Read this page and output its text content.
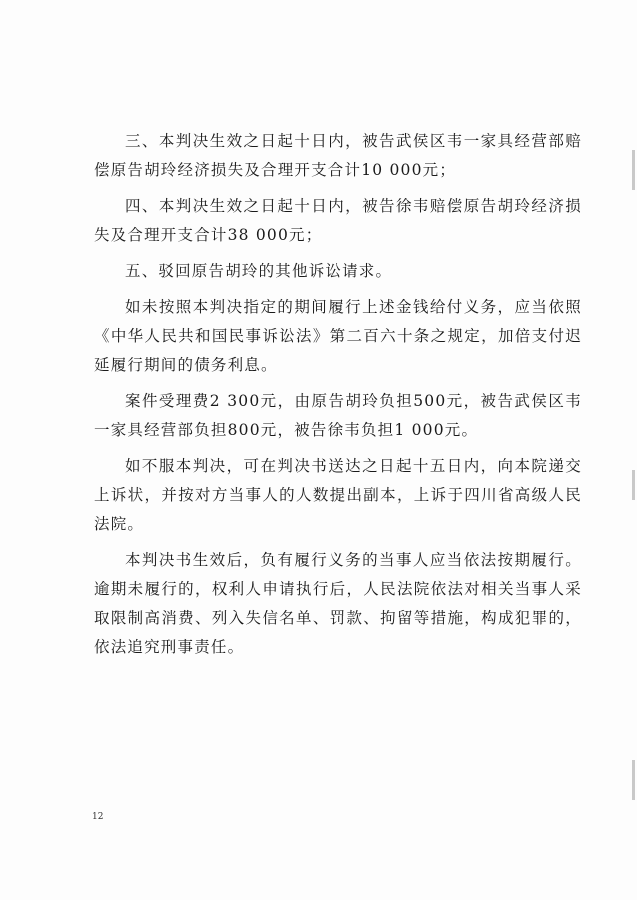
三、本判决生效之日起十日内，被告武侯区韦一家具经营部赔偿原告胡玲经济损失及合理开支合计10 000元；

四、本判决生效之日起十日内，被告徐韦赔偿原告胡玲经济损失及合理开支合计38 000元；

五、驳回原告胡玲的其他诉讼请求。

如未按照本判决指定的期间履行上述金钱给付义务，应当依照《中华人民共和国民事诉讼法》第二百六十条之规定，加倍支付迟延履行期间的债务利息。

案件受理费2 300元，由原告胡玲负担500元，被告武侯区韦一家具经营部负担800元，被告徐韦负担1 000元。

如不服本判决，可在判决书送达之日起十五日内，向本院递交上诉状，并按对方当事人的人数提出副本，上诉于四川省高级人民法院。

本判决书生效后，负有履行义务的当事人应当依法按期履行。逾期未履行的，权利人申请执行后，人民法院依法对相关当事人采取限制高消费、列入失信名单、罚款、拘留等措施，构成犯罪的，依法追究刑事责任。

12
